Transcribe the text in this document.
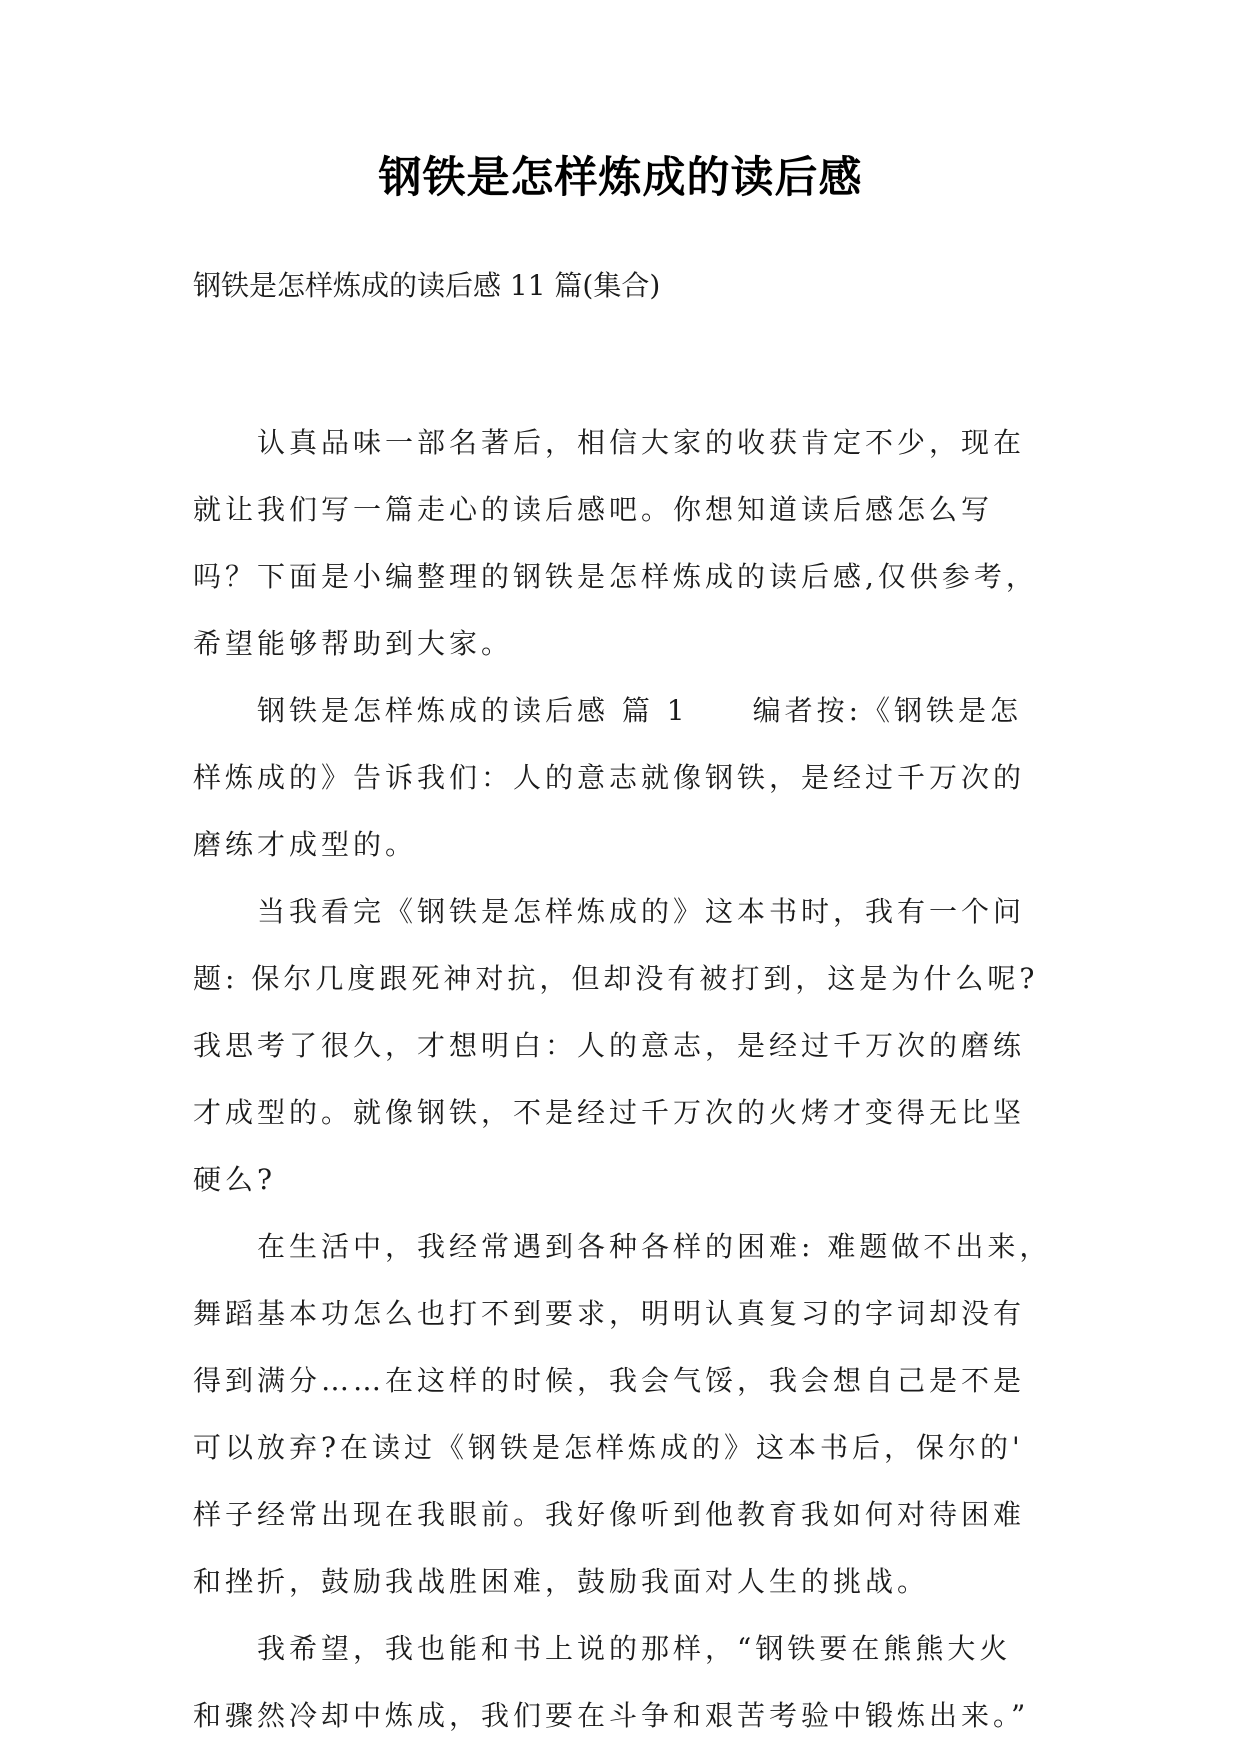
钢铁是怎样炼成的读后感
钢铁是怎样炼成的读后感 11 篇(集合)

认真品味一部名著后，相信大家的收获肯定不少，现在
就让我们写一篇走心的读后感吧。你想知道读后感怎么写
吗？下面是小编整理的钢铁是怎样炼成的读后感,仅供参考，
希望能够帮助到大家。

钢铁是怎样炼成的读后感 篇 1　　编者按:《钢铁是怎
样炼成的》告诉我们：人的意志就像钢铁，是经过千万次的
磨练才成型的。

当我看完《钢铁是怎样炼成的》这本书时，我有一个问
题: 保尔几度跟死神对抗，但却没有被打到，这是为什么呢?
我思考了很久，才想明白：人的意志，是经过千万次的磨练
才成型的。就像钢铁，不是经过千万次的火烤才变得无比坚
硬么?

在生活中，我经常遇到各种各样的困难: 难题做不出来，
舞蹈基本功怎么也打不到要求，明明认真复习的字词却没有
得到满分……在这样的时候，我会气馁，我会想自己是不是
可以放弃?在读过《钢铁是怎样炼成的》这本书后，保尔的'
样子经常出现在我眼前。我好像听到他教育我如何对待困难
和挫折，鼓励我战胜困难，鼓励我面对人生的挑战。

我希望，我也能和书上说的那样，“钢铁要在熊熊大火
和骤然冷却中炼成，我们要在斗争和艰苦考验中锻炼出来。”
